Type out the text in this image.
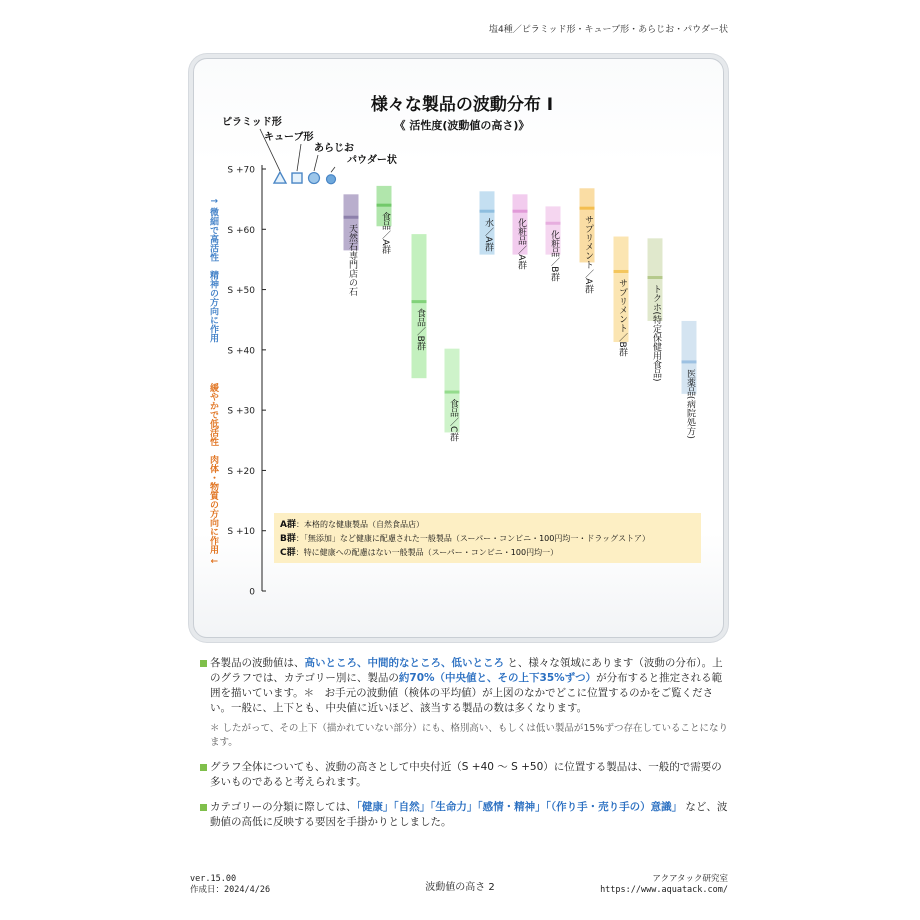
塩4種／ピラミッド形・キューブ形・あらじお・パウダー状
様々な製品の波動分布 Ⅰ
《 活性度(波動値の高さ)》
0
S +10
S +20
S +30
S +40
S +50
S +60
S +70
↑ 微細で高活性　精神の方向に作用
緩やかで低活性　肉体・物質の方向に作用 ↓
天然石専門店の石	食品／A群
食品／B群
食品／C群
水／A群	化粧品／A群	化粧品／B群	サプリメント／A群
サプリメント／B群	トクホ(特定保健用食品)
医薬品(病院処方)
ピラミッド形
キューブ形
あらじお
パウダー状
A群：本格的な健康製品（自然食品店）
B群：「無添加」など健康に配慮された一般製品（スーパー・コンビニ・100円均一・ドラッグストア）
C群：特に健康への配慮はない一般製品（スーパー・コンビニ・100円均一）
各製品の波動値は、高いところ、中間的なところ、低いところ と、様々な領域にあります（波動の分布）。上のグラフでは、カテゴリー別に、製品の約70%（中央値と、その上下35%ずつ）が分布すると推定される範囲を描いています。＊　お手元の波動値（検体の平均値）が上図のなかでどこに位置するのかをご覧ください。一般に、上下とも、中央値に近いほど、該当する製品の数は多くなります。
＊ したがって、その上下（描かれていない部分）にも、格別高い、もしくは低い製品が15%ずつ存在していることになります。
グラフ全体についても、波動の高さとして中央付近（S +40 ～ S +50）に位置する製品は、一般的で需要の多いものであると考えられます。
カテゴリーの分類に際しては、「健康」「自然」「生命力」「感情・精神」「（作り手・売り手の）意識」 など、波動値の高低に反映する要因を手掛かりとしました。
ver.15.00
作成日：2024/4/26	波動値の高さ 2
アクアタック研究室
https://www.aquatack.com/
